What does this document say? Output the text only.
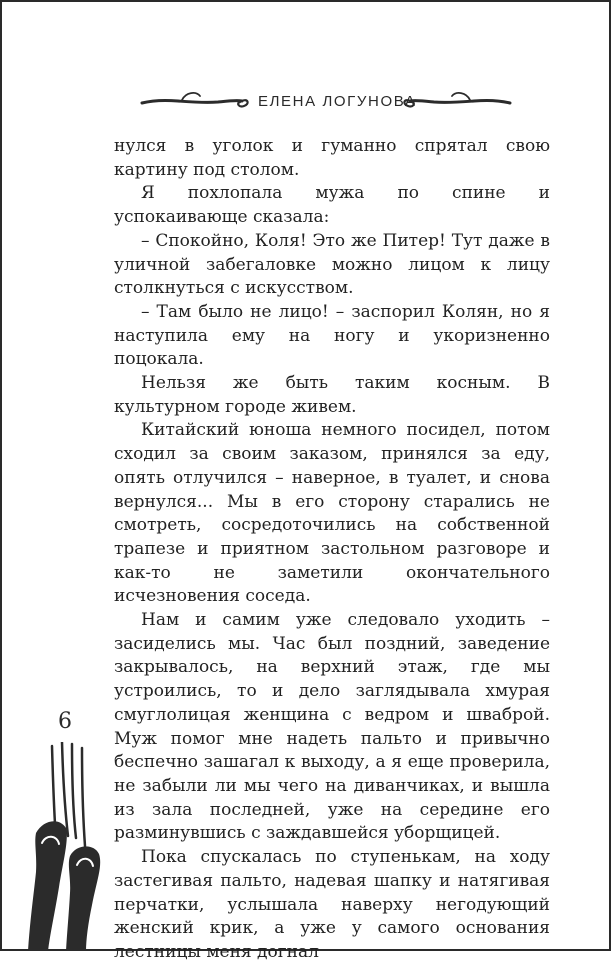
ЕЛЕНА ЛОГУНОВА

нулся в уголок и гуманно спрятал свою картину под столом.

Я похлопала мужа по спине и успокаивающе сказала:

– Спокойно, Коля! Это же Питер! Тут даже в уличной забегаловке можно лицом к лицу столкнуться с искусством.

– Там было не лицо! – заспорил Колян, но я наступила ему на ногу и укоризненно поцокала.

Нельзя же быть таким косным. В культурном городе живем.

Китайский юноша немного посидел, потом сходил за своим заказом, принялся за еду, опять отлучился – наверное, в туалет, и снова вернулся... Мы в его сторону старались не смотреть, сосредоточились на собственной трапезе и приятном застольном разговоре и как-то не заметили окончательного исчезновения соседа.

Нам и самим уже следовало уходить – засиделись мы. Час был поздний, заведение закрывалось, на верхний этаж, где мы устроились, то и дело заглядывала хмурая смуглолицая женщина с ведром и шваброй. Муж помог мне надеть пальто и привычно беспечно зашагал к выходу, а я еще проверила, не забыли ли мы чего на диванчиках, и вышла из зала последней, уже на середине его разминувшись с заждавшейся уборщицей.

Пока спускалась по ступенькам, на ходу застегивая пальто, надевая шапку и натягивая перчатки, услышала наверху негодующий женский крик, а уже у самого основания лестницы меня догнал

6
